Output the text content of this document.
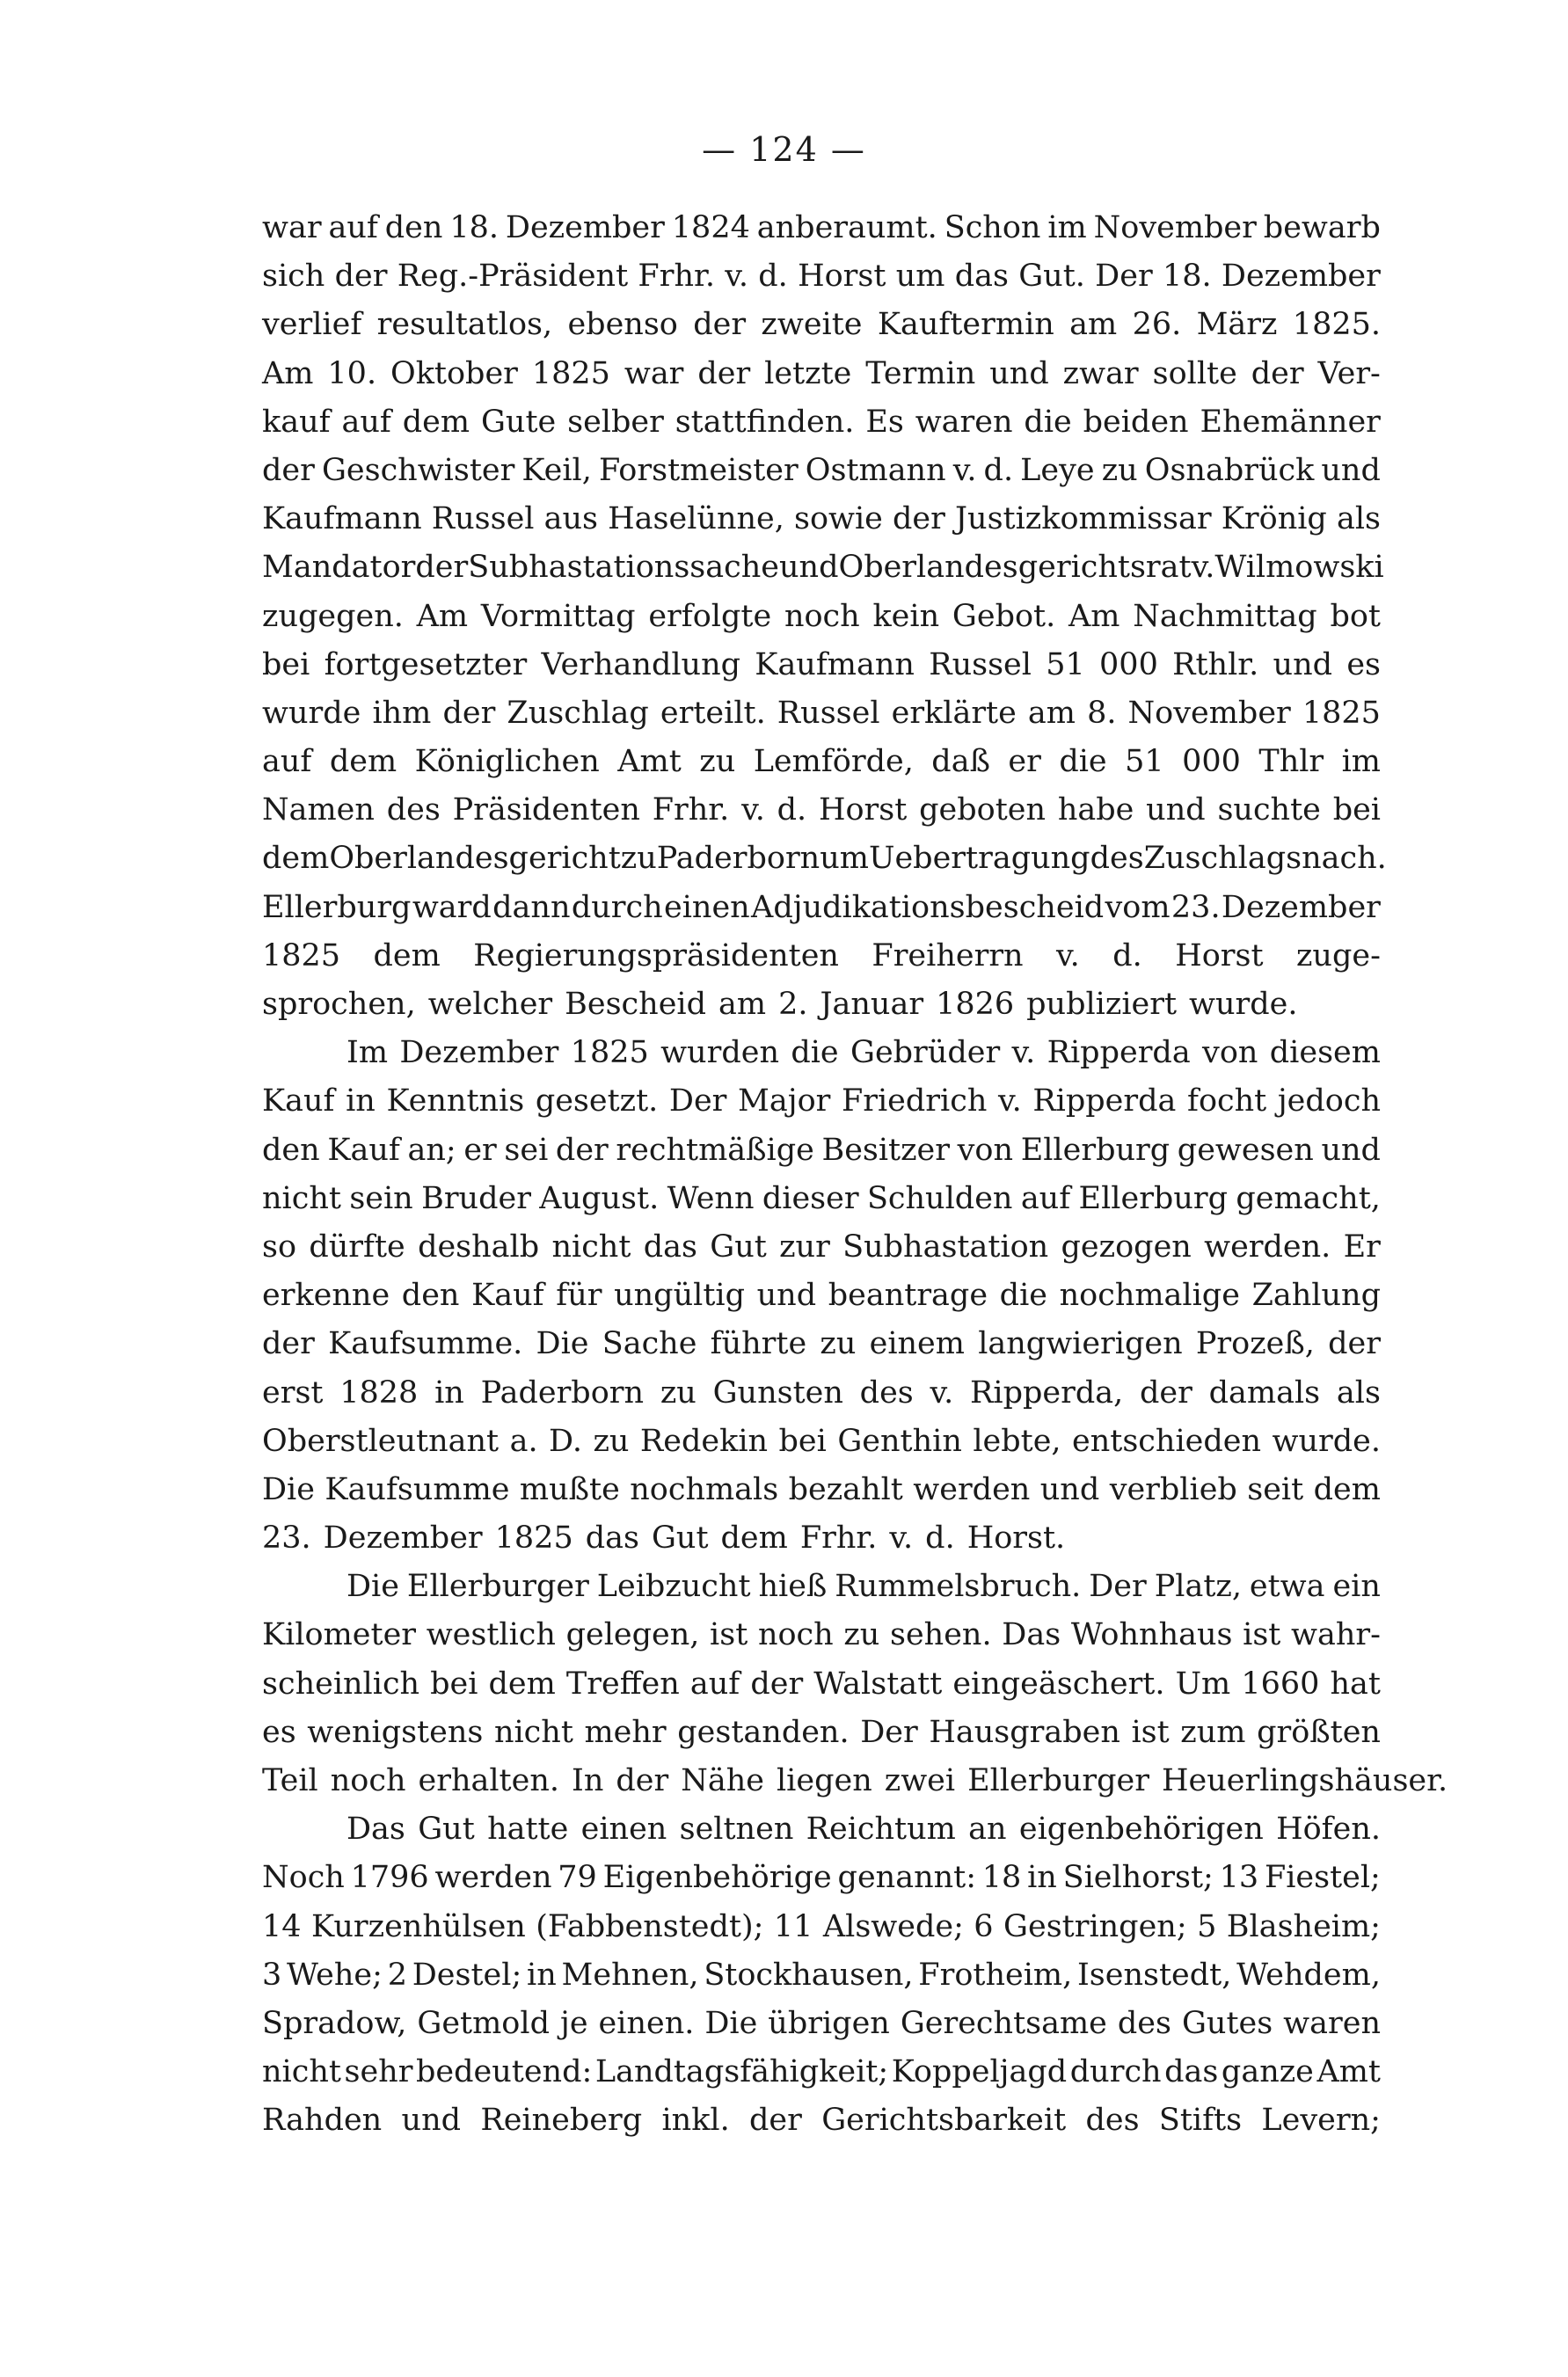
— 124 —
war auf den 18. Dezember 1824 anberaumt. Schon im November bewarb
sich der Reg.-Präsident Frhr. v. d. Horst um das Gut. Der 18. Dezember
verlief resultatlos, ebenso der zweite Kauftermin am 26. März 1825.
Am 10. Oktober 1825 war der letzte Termin und zwar sollte der Ver-
kauf auf dem Gute selber stattfinden. Es waren die beiden Ehemänner
der Geschwister Keil, Forstmeister Ostmann v. d. Leye zu Osnabrück und
Kaufmann Russel aus Haselünne, sowie der Justizkommissar Krönig als
Mandator der Subhastationssache und Oberlandesgerichtsrat v. Wilmowski
zugegen. Am Vormittag erfolgte noch kein Gebot. Am Nachmittag bot
bei fortgesetzter Verhandlung Kaufmann Russel 51 000 Rthlr. und es
wurde ihm der Zuschlag erteilt. Russel erklärte am 8. November 1825
auf dem Königlichen Amt zu Lemförde, daß er die 51 000 Thlr im
Namen des Präsidenten Frhr. v. d. Horst geboten habe und suchte bei
dem Oberlandesgericht zu Paderborn um Uebertragung des Zuschlags nach.
Ellerburg ward dann durch einen Adjudikationsbescheid vom 23. Dezember
1825 dem Regierungspräsidenten Freiherrn v. d. Horst zuge-
sprochen, welcher Bescheid am 2. Januar 1826 publiziert wurde.
Im Dezember 1825 wurden die Gebrüder v. Ripperda von diesem
Kauf in Kenntnis gesetzt. Der Major Friedrich v. Ripperda focht jedoch
den Kauf an; er sei der rechtmäßige Besitzer von Ellerburg gewesen und
nicht sein Bruder August. Wenn dieser Schulden auf Ellerburg gemacht,
so dürfte deshalb nicht das Gut zur Subhastation gezogen werden. Er
erkenne den Kauf für ungültig und beantrage die nochmalige Zahlung
der Kaufsumme. Die Sache führte zu einem langwierigen Prozeß, der
erst 1828 in Paderborn zu Gunsten des v. Ripperda, der damals als
Oberstleutnant a. D. zu Redekin bei Genthin lebte, entschieden wurde.
Die Kaufsumme mußte nochmals bezahlt werden und verblieb seit dem
23. Dezember 1825 das Gut dem Frhr. v. d. Horst.
Die Ellerburger Leibzucht hieß Rummelsbruch. Der Platz, etwa ein
Kilometer westlich gelegen, ist noch zu sehen. Das Wohnhaus ist wahr-
scheinlich bei dem Treffen auf der Walstatt eingeäschert. Um 1660 hat
es wenigstens nicht mehr gestanden. Der Hausgraben ist zum größten
Teil noch erhalten. In der Nähe liegen zwei Ellerburger Heuerlingshäuser.
Das Gut hatte einen seltnen Reichtum an eigenbehörigen Höfen.
Noch 1796 werden 79 Eigenbehörige genannt: 18 in Sielhorst; 13 Fiestel;
14 Kurzenhülsen (Fabbenstedt); 11 Alswede; 6 Gestringen; 5 Blasheim;
3 Wehe; 2 Destel; in Mehnen, Stockhausen, Frotheim, Isenstedt, Wehdem,
Spradow, Getmold je einen. Die übrigen Gerechtsame des Gutes waren
nicht sehr bedeutend: Landtagsfähigkeit; Koppeljagd durch das ganze Amt
Rahden und Reineberg inkl. der Gerichtsbarkeit des Stifts Levern;
